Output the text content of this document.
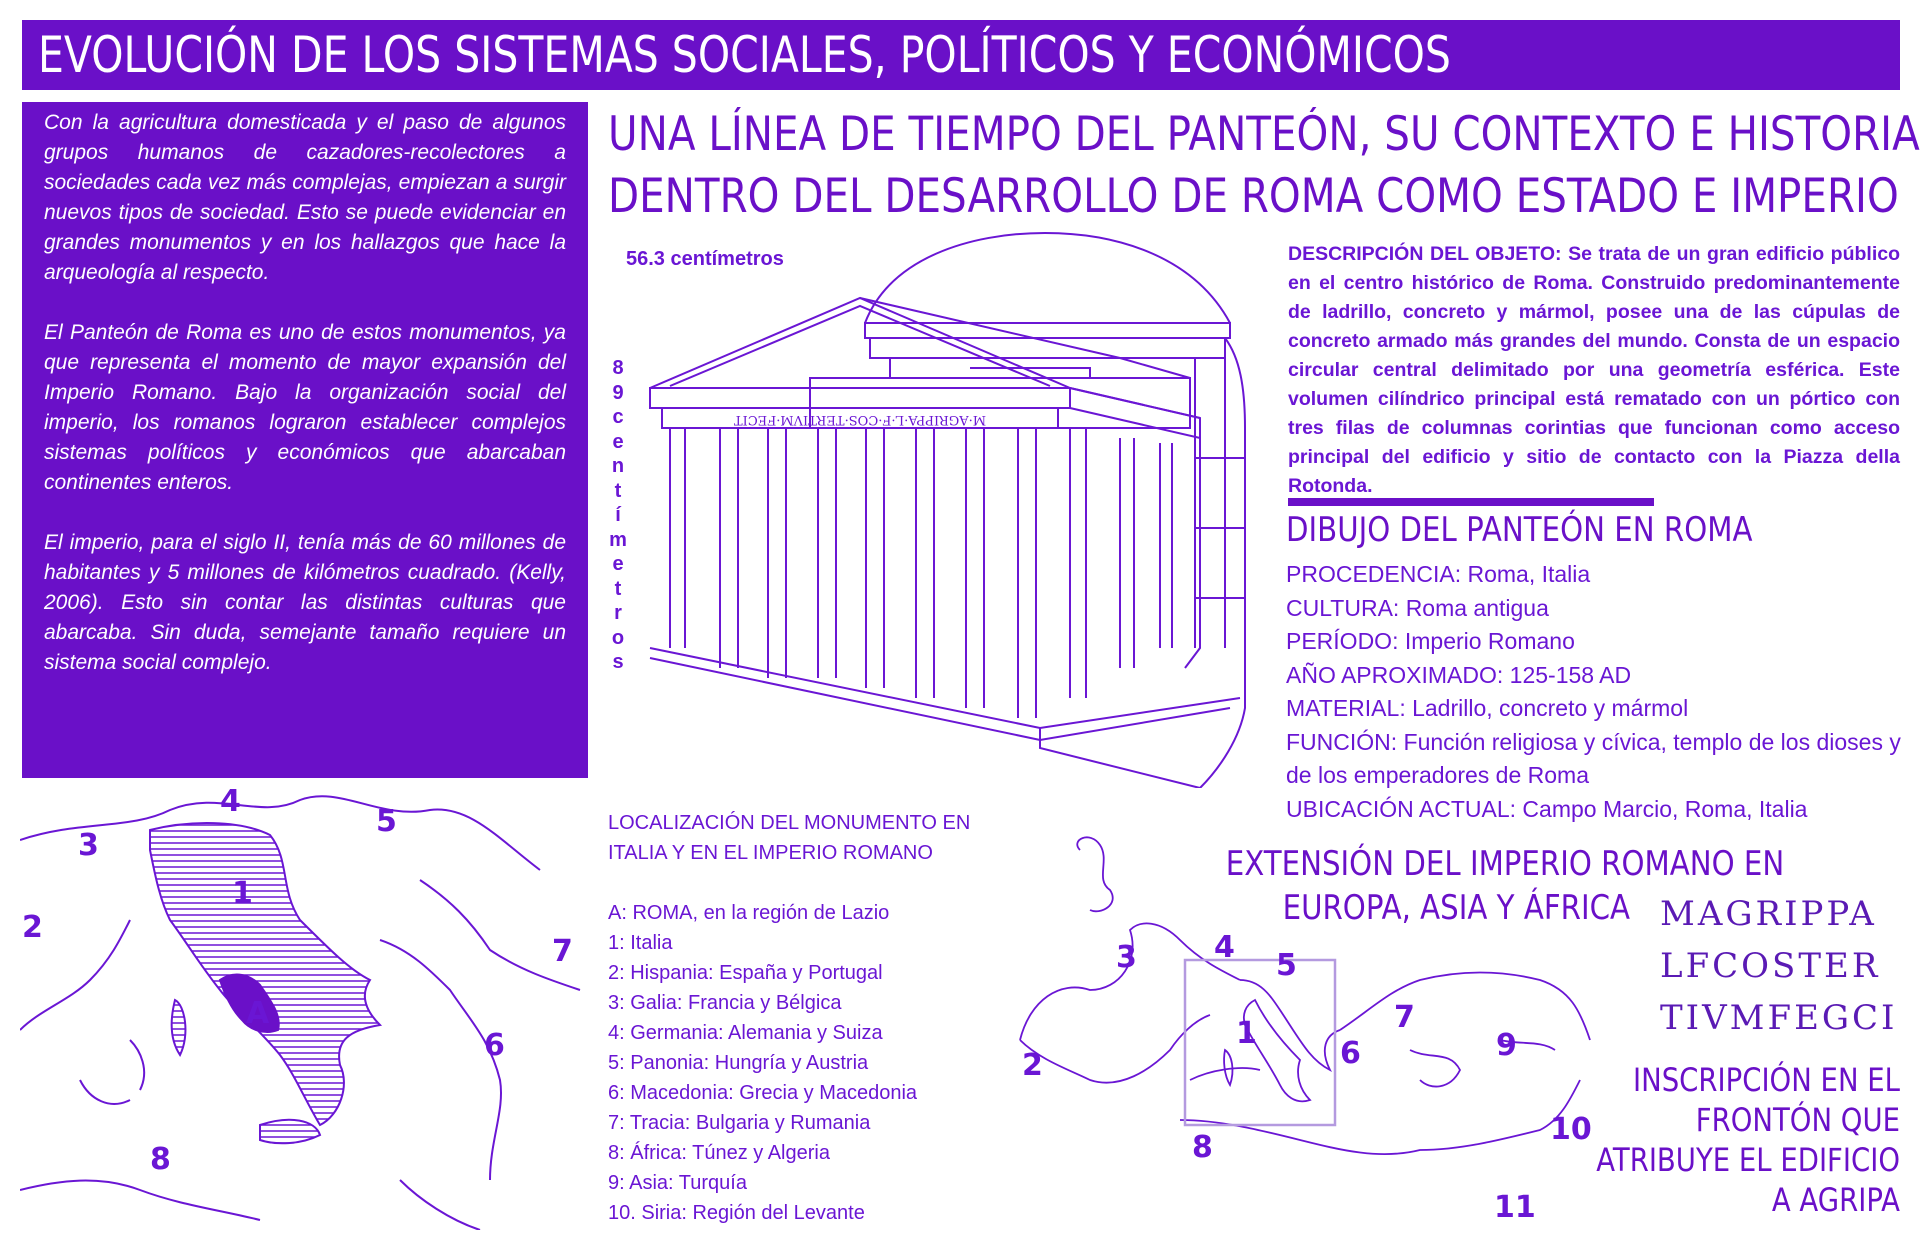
EVOLUCIÓN DE LOS SISTEMAS SOCIALES, POLÍTICOS Y ECONÓMICOS

Con la agricultura domesticada y el paso de algunos grupos humanos de cazadores-recolectores a sociedades cada vez más complejas, empiezan a surgir nuevos tipos de sociedad. Esto se puede evidenciar en grandes monumentos y en los hallazgos que hace la arqueología al respecto.

El Panteón de Roma es uno de estos monumentos, ya que representa el momento de mayor expansión del Imperio Romano. Bajo la organización social del imperio, los romanos lograron establecer complejos sistemas políticos y económicos que abarcaban continentes enteros.

El imperio, para el siglo II, tenía más de 60 millones de habitantes y 5 millones de kilómetros cuadrado. (Kelly, 2006). Esto sin contar las distintas culturas que abarcaba. Sin duda, semejante tamaño requiere un sistema social complejo.

UNA LÍNEA DE TIEMPO DEL PANTEÓN, SU CONTEXTO E HISTORIA
DENTRO DEL DESARROLLO DE ROMA COMO ESTADO E IMPERIO
56.3 centímetros
8
9
c
e
n
t
í
m
e
t
r
o
s
M·AGRIPPA·L·F·COS·TERTIVM·FECIT
DESCRIPCIÓN DEL OBJETO: Se trata de un gran edificio público en el centro histórico de Roma. Construido predominantemente de ladrillo, concreto y mármol, posee una de las cúpulas de concreto armado más grandes del mundo. Consta de un espacio circular central delimitado por una geometría esférica. Este volumen cilíndrico principal está rematado con un pórtico con tres filas de columnas corintias que funcionan como acceso principal del edificio y sitio de contacto con la Piazza della Rotonda.
DIBUJO DEL PANTEÓN EN ROMA
PROCEDENCIA: Roma, Italia
CULTURA: Roma antigua
PERÍODO: Imperio Romano
AÑO APROXIMADO: 125-158 AD
MATERIAL: Ladrillo, concreto y mármol
FUNCIÓN: Función religiosa y cívica, templo de los dioses y de los emperadores de Roma
UBICACIÓN ACTUAL: Campo Marcio, Roma, Italia
4
3
5
1
2
7
A
6
8
LOCALIZACIÓN DEL MONUMENTO EN ITALIA Y EN EL IMPERIO ROMANO
A: ROMA, en la región de Lazio
1: Italia
2: Hispania: España y Portugal
3: Galia: Francia y Bélgica
4: Germania: Alemania y Suiza
5: Panonia: Hungría y Austria
6: Macedonia: Grecia y Macedonia
7: Tracia: Bulgaria y Rumania
8: África: Túnez y Algeria
9: Asia: Turquía
10. Siria: Región del Levante
EXTENSIÓN DEL IMPERIO ROMANO EN
EUROPA, ASIA Y ÁFRICA
3	4
5
1	7
9
2	6
8
10
11
MAGRIPPA
LFCOSTER
TIVMFEGCI
INSCRIPCIÓN EN EL
FRONTÓN QUE
ATRIBUYE EL EDIFICIO
A AGRIPA
